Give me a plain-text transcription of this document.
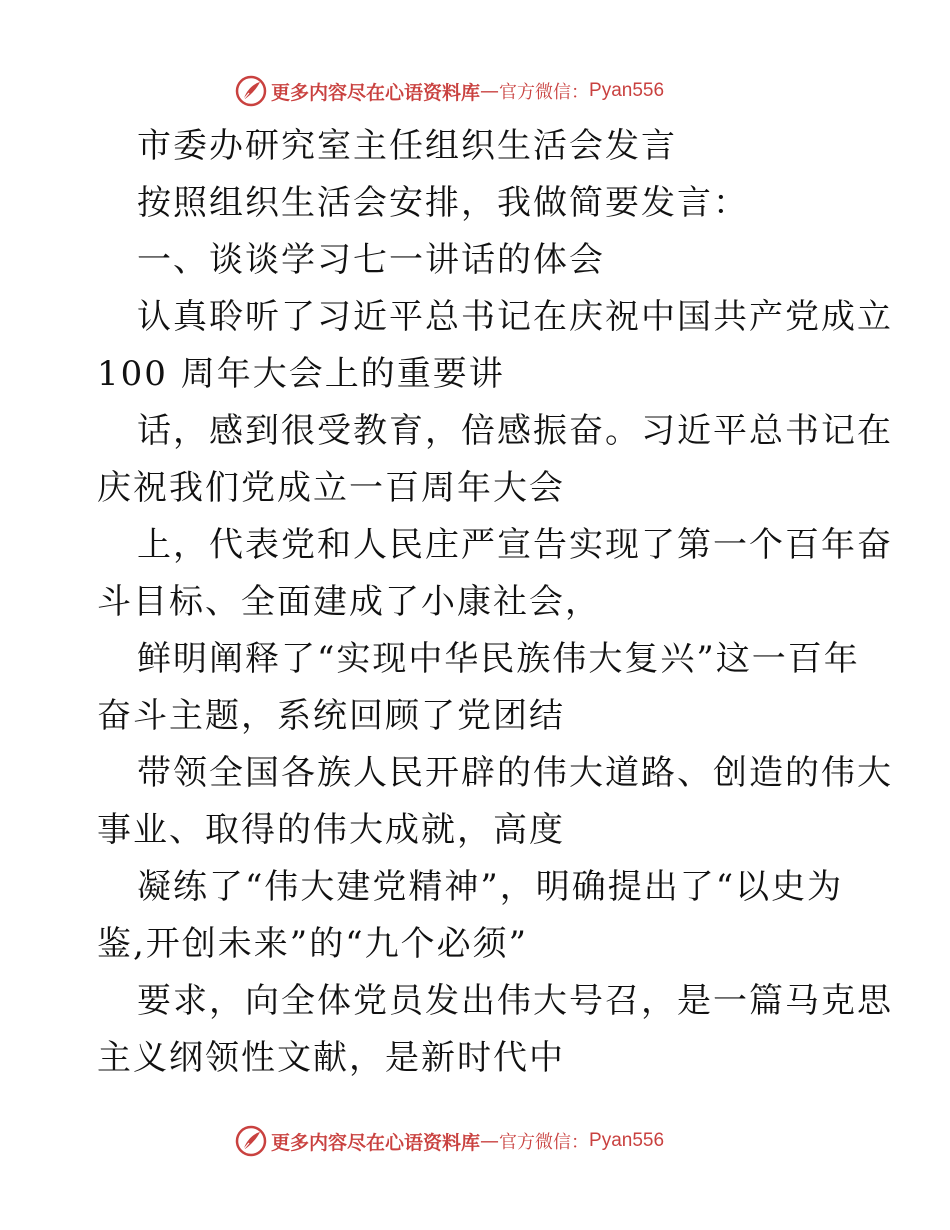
更多内容尽在心语资料库 — 官方微信： Pyan556
市委办研究室主任组织生活会发言
按照组织生活会安排，我做简要发言：
一、谈谈学习七一讲话的体会
认真聆听了习近平总书记在庆祝中国共产党成立
100 周年大会上的重要讲
话，感到很受教育，倍感振奋。习近平总书记在
庆祝我们党成立一百周年大会
上，代表党和人民庄严宣告实现了第一个百年奋
斗目标、全面建成了小康社会，
鲜明阐释了“实现中华民族伟大复兴”这一百年
奋斗主题，系统回顾了党团结
带领全国各族人民开辟的伟大道路、创造的伟大
事业、取得的伟大成就，高度
凝练了“伟大建党精神”，明确提出了“以史为
鉴,开创未来”的“九个必须”
要求，向全体党员发出伟大号召，是一篇马克思
主义纲领性文献，是新时代中
更多内容尽在心语资料库 — 官方微信： Pyan556
